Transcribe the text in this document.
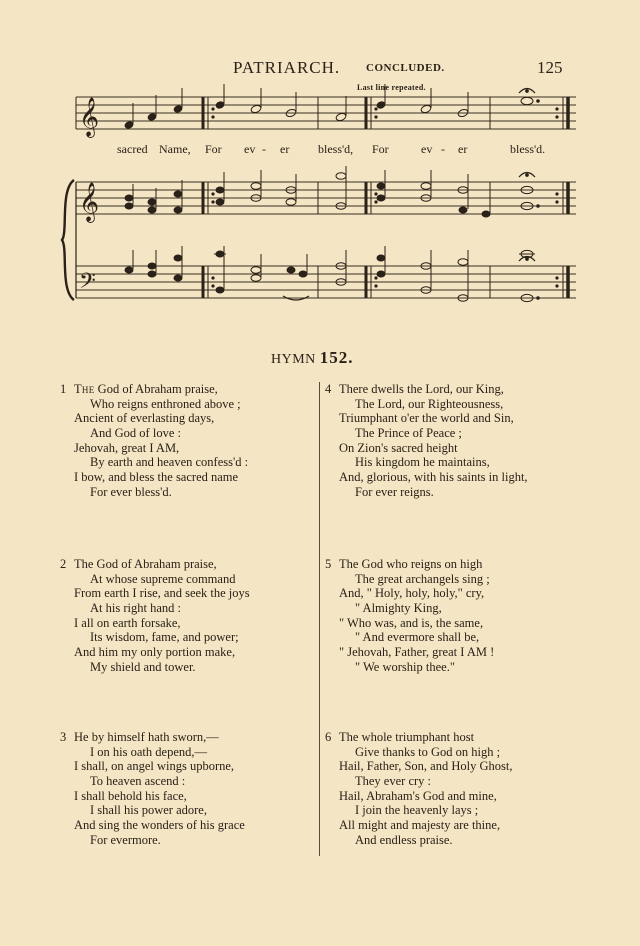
PATRIARCH. CONCLUDED.	125
Last line repeated.
𝄞
𝄞
𝄢
sacred Name, For ev - er bless'd, For	ev - er	bless'd.
HYMN 152.
1 The God of Abraham praise,
Who reigns enthroned above ;
Ancient of everlasting days,
And God of love :
Jehovah, great I AM,
By earth and heaven confess'd :
I bow, and bless the sacred name
For ever bless'd.
2 The God of Abraham praise,
At whose supreme command
From earth I rise, and seek the joys
At his right hand :
I all on earth forsake,
Its wisdom, fame, and power;
And him my only portion make,
My shield and tower.
3 He by himself hath sworn,—
I on his oath depend,—
I shall, on angel wings upborne,
To heaven ascend :
I shall behold his face,
I shall his power adore,
And sing the wonders of his grace
For evermore.
4 There dwells the Lord, our King,
The Lord, our Righteousness,
Triumphant o'er the world and Sin,
The Prince of Peace ;
On Zion's sacred height
His kingdom he maintains,
And, glorious, with his saints in light,
For ever reigns.
5 The God who reigns on high
The great archangels sing ;
And, " Holy, holy, holy," cry,
" Almighty King,
" Who was, and is, the same,
" And evermore shall be,
" Jehovah, Father, great I AM !
" We worship thee."
6 The whole triumphant host
Give thanks to God on high ;
Hail, Father, Son, and Holy Ghost,
They ever cry :
Hail, Abraham's God and mine,
I join the heavenly lays ;
All might and majesty are thine,
And endless praise.
